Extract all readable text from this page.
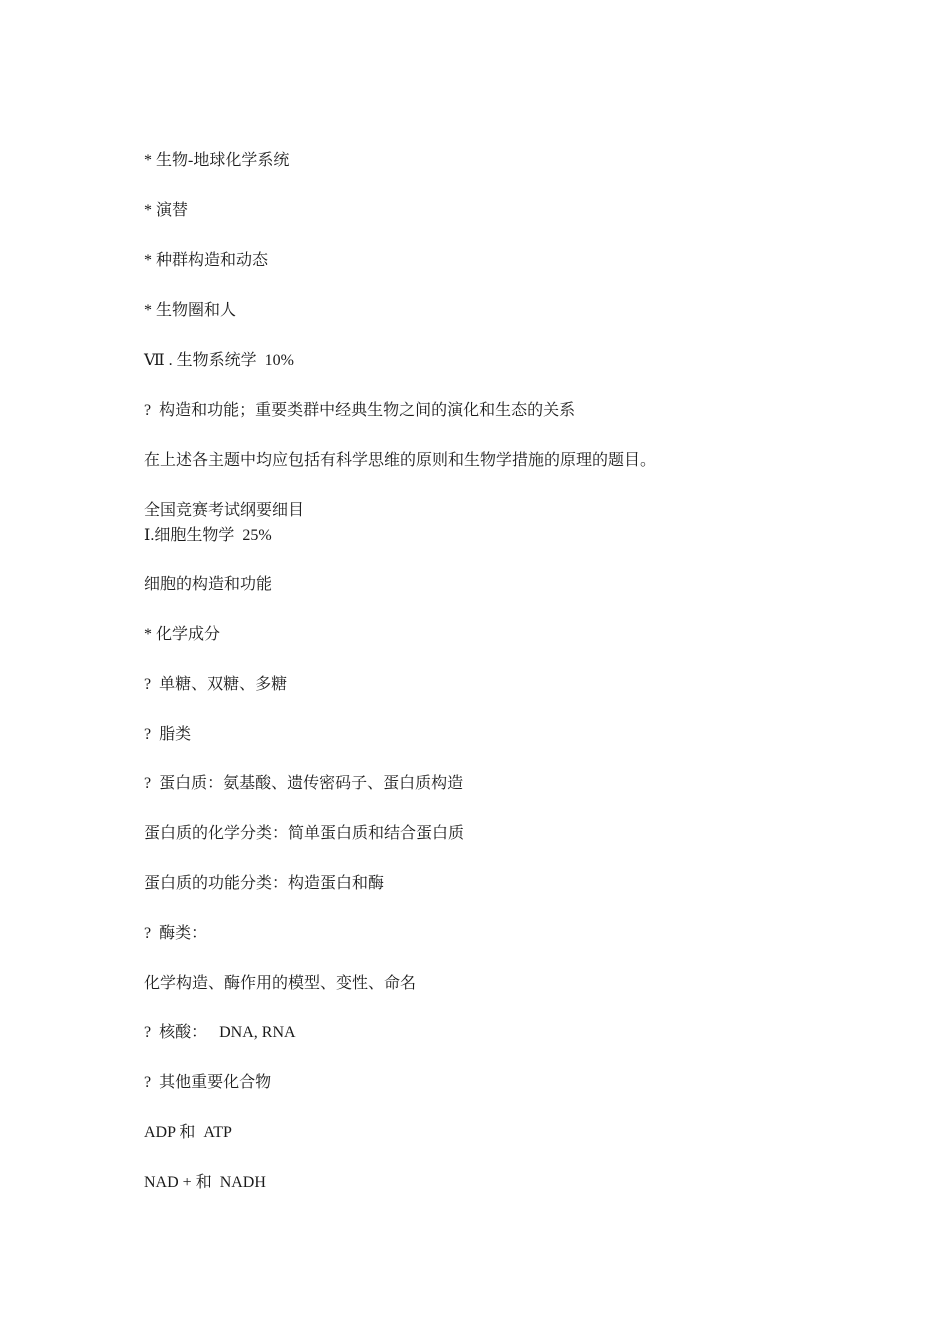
* 生物-地球化学系统
* 演替
* 种群构造和动态
* 生物圈和人
Ⅶ . 生物系统学  10%
?  构造和功能；重要类群中经典生物之间的演化和生态的关系
在上述各主题中均应包括有科学思维的原则和生物学措施的原理的题目。
全国竞赛考试纲要细目
Ⅰ.细胞生物学  25%
细胞的构造和功能
* 化学成分
?  单糖、双糖、多糖
?  脂类
?  蛋白质：氨基酸、遗传密码子、蛋白质构造
蛋白质的化学分类：简单蛋白质和结合蛋白质
蛋白质的功能分类：构造蛋白和酶
?  酶类：
化学构造、酶作用的模型、变性、命名
?  核酸：   DNA, RNA
?  其他重要化合物
ADP 和  ATP
NAD + 和  NADH
